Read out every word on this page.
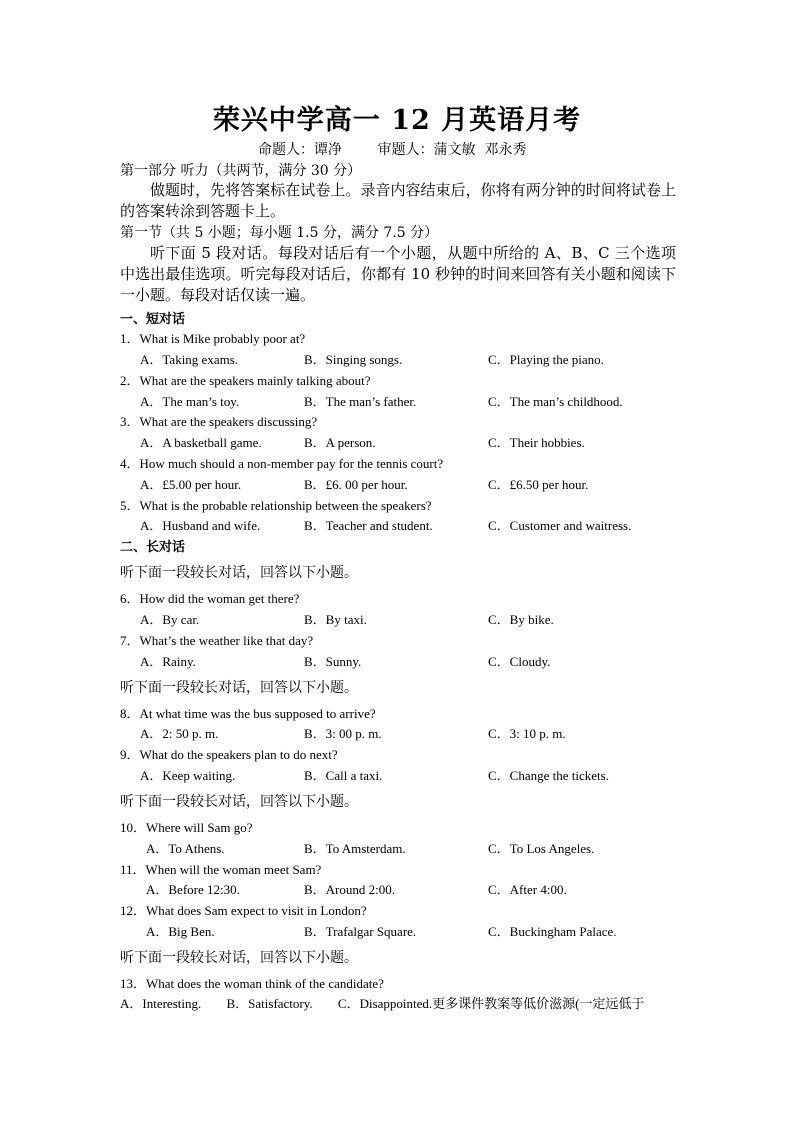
荣兴中学高一 12 月英语月考
命题人：谭净        审题人：蒲文敏  邓永秀
第一部分 听力（共两节，满分 30 分）
做题时，先将答案标在试卷上。录音内容结束后，你将有两分钟的时间将试卷上的答案转涂到答题卡上。
第一节（共 5 小题；每小题 1.5 分，满分 7.5 分）
听下面 5 段对话。每段对话后有一个小题，从题中所给的 A、B、C 三个选项中选出最佳选项。听完每段对话后，你都有 10 秒钟的时间来回答有关小题和阅读下一小题。每段对话仅读一遍。
一、短对话
1．What is Mike probably poor at?
A．Taking exams.	B．Singing songs.	C．Playing the piano.
2．What are the speakers mainly talking about?
A．The man’s toy.	B．The man’s father.	C．The man’s childhood.
3．What are the speakers discussing?
A．A basketball game.	B．A person.	C．Their hobbies.
4．How much should a non-member pay for the tennis court?
A．£5.00 per hour.	B．£6. 00 per hour.	C．£6.50 per hour.
5．What is the probable relationship between the speakers?
A．Husband and wife.	B．Teacher and student.	C．Customer and waitress.
二、长对话
听下面一段较长对话，回答以下小题。
6．How did the woman get there?
A．By car.	B．By taxi.	C．By bike.
7．What’s the weather like that day?
A．Rainy.	B．Sunny.	C．Cloudy.
听下面一段较长对话，回答以下小题。
8．At what time was the bus supposed to arrive?
A．2: 50 p. m.	B．3: 00 p. m.	C．3: 10 p. m.
9．What do the speakers plan to do next?
A．Keep waiting.	B．Call a taxi.	C．Change the tickets.
听下面一段较长对话，回答以下小题。
10．Where will Sam go?
A．To Athens.	B．To Amsterdam.	C．To Los Angeles.
11．When will the woman meet Sam?
A．Before 12:30.	B．Around 2:00.	C．After 4:00.
12．What does Sam expect to visit in London?
A．Big Ben.	B．Trafalgar Square.	C．Buckingham Palace.
听下面一段较长对话，回答以下小题。
13．What does the woman think of the candidate?
A．Interesting. B．Satisfactory. C．Disappointed.更多课件教案等低价滋源(一定远低于
